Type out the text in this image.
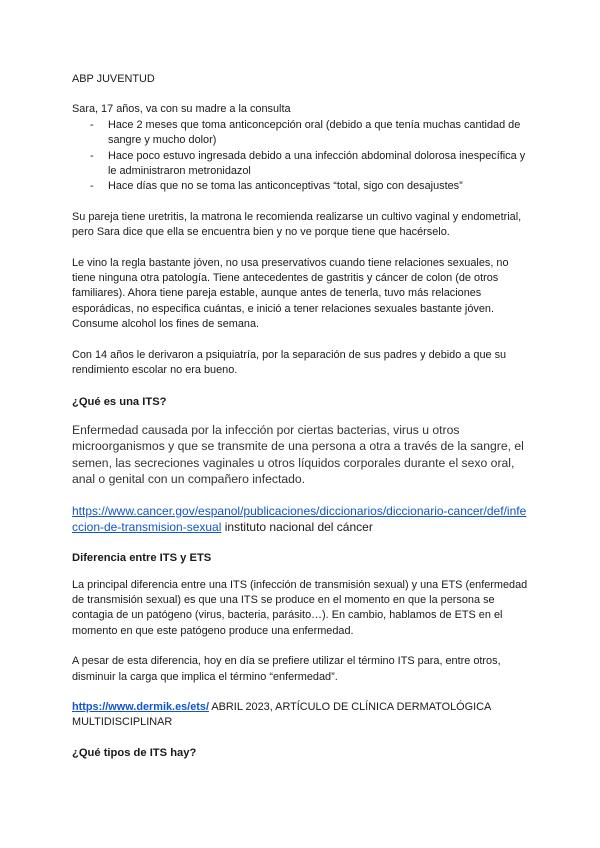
ABP JUVENTUD

Sara, 17 años, va con su madre a la consulta

- Hace 2 meses que toma anticoncepción oral (debido a que tenía muchas cantidad de sangre y mucho dolor)
- Hace poco estuvo ingresada debido a una infección abdominal dolorosa inespecífica y le administraron metronidazol
- Hace días que no se toma las anticonceptivas “total, sigo con desajustes”

Su pareja tiene uretritis, la matrona le recomienda realizarse un cultivo vaginal y endometrial, pero Sara dice que ella se encuentra bien y no ve porque tiene que hacérselo.

Le vino la regla bastante jóven, no usa preservativos cuando tiene relaciones sexuales, no tiene ninguna otra patología. Tiene antecedentes de gastritis y cáncer de colon (de otros familiares). Ahora tiene pareja estable, aunque antes de tenerla, tuvo más relaciones esporádicas, no especifica cuántas, e inició a tener relaciones sexuales bastante jóven. Consume alcohol los fines de semana.

Con 14 años le derivaron a psiquiatría, por la separación de sus padres y debido a que su rendimiento escolar no era bueno.

¿Qué es una ITS?

Enfermedad causada por la infección por ciertas bacterias, virus u otros microorganismos y que se transmite de una persona a otra a través de la sangre, el semen, las secreciones vaginales u otros líquidos corporales durante el sexo oral, anal o genital con un compañero infectado.

https://www.cancer.gov/espanol/publicaciones/diccionarios/diccionario-cancer/def/infeccion-de-transmision-sexual instituto nacional del cáncer

Diferencia entre ITS y ETS

La principal diferencia entre una ITS (infección de transmisión sexual) y una ETS (enfermedad de transmisión sexual) es que una ITS se produce en el momento en que la persona se contagia de un patógeno (virus, bacteria, parásito…). En cambio, hablamos de ETS en el momento en que este patógeno produce una enfermedad.

A pesar de esta diferencia, hoy en día se prefiere utilizar el término ITS para, entre otros, disminuir la carga que implica el término “enfermedad”.

https://www.dermik.es/ets/ ABRIL 2023, ARTÍCULO DE CLÍNICA DERMATOLÓGICA MULTIDISCIPLINAR

¿Qué tipos de ITS hay?
